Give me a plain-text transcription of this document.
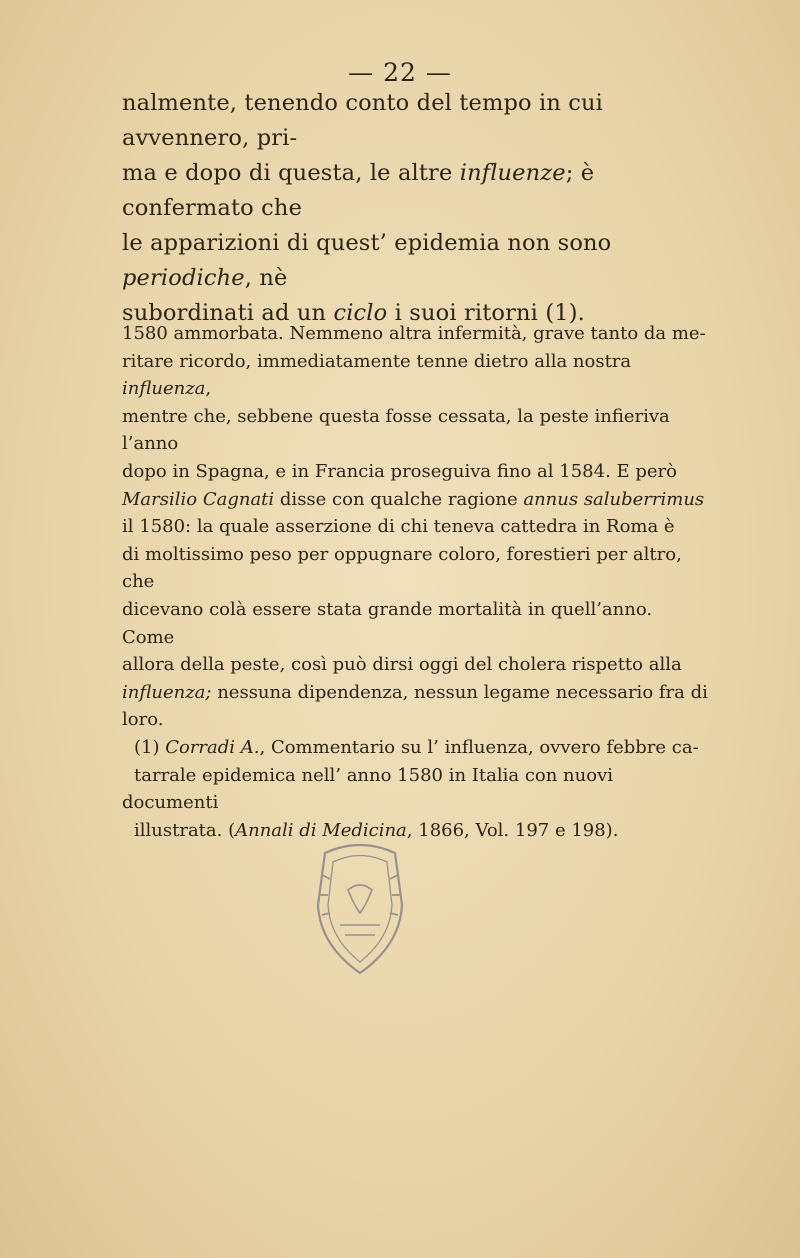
— 22 —
nalmente, tenendo conto del tempo in cui avvennero, pri-
ma e dopo di questa, le altre influenze; è confermato che
le apparizioni di quest’ epidemia non sono periodiche, nè
subordinati ad un ciclo i suoi ritorni (1).
1580 ammorbata. Nemmeno altra infermità, grave tanto da me-
ritare ricordo, immediatamente tenne dietro alla nostra influenza,
mentre che, sebbene questa fosse cessata, la peste infieriva l’anno
dopo in Spagna, e in Francia proseguiva fino al 1584. E però
Marsilio Cagnati disse con qualche ragione annus saluberrimus
il 1580: la quale asserzione di chi teneva cattedra in Roma è
di moltissimo peso per oppugnare coloro, forestieri per altro, che
dicevano colà essere stata grande mortalità in quell’anno. Come
allora della peste, così può dirsi oggi del cholera rispetto alla
influenza; nessuna dipendenza, nessun legame necessario fra di
loro.
(1) Corradi A., Commentario su l’ influenza, ovvero febbre ca-
tarrale epidemica nell’ anno 1580 in Italia con nuovi documenti
illustrata. (Annali di Medicina, 1866, Vol. 197 e 198).
